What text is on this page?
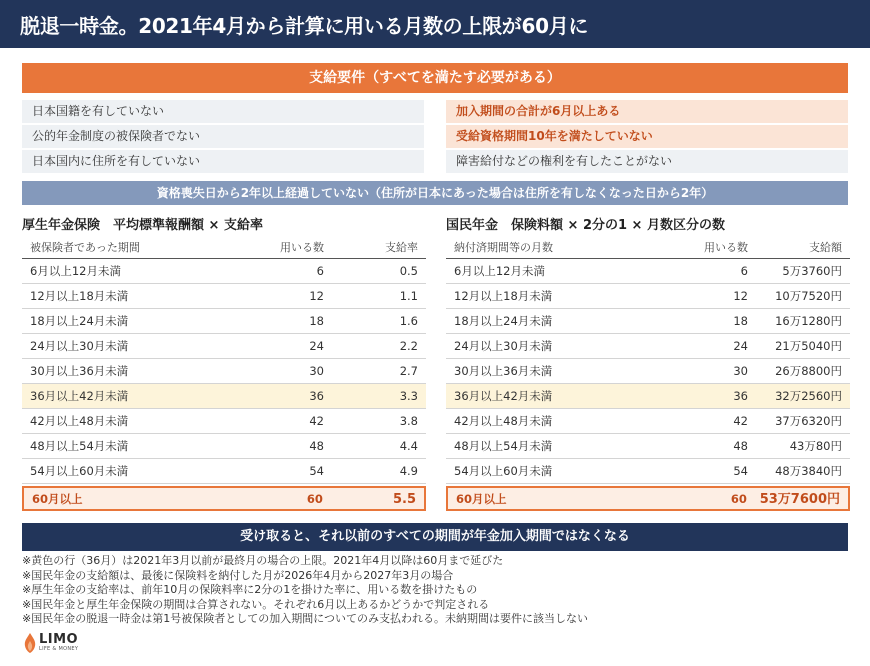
脱退一時金。2021年4月から計算に用いる月数の上限が60月に
支給要件（すべてを満たす必要がある）
日本国籍を有していない
公的年金制度の被保険者でない
日本国内に住所を有していない
加入期間の合計が6月以上ある
受給資格期間10年を満たしていない
障害給付などの権利を有したことがない
資格喪失日から2年以上経過していない（住所が日本にあった場合は住所を有しなくなった日から2年）
厚生年金保険　平均標準報酬額 × 支給率
被保険者であった期間	用いる数	支給率
6月以上12月未満	6	0.5
12月以上18月未満	12	1.1
18月以上24月未満	18	1.6
24月以上30月未満	24	2.2
30月以上36月未満	30	2.7
36月以上42月未満	36	3.3
42月以上48月未満	42	3.8
48月以上54月未満	48	4.4
54月以上60月未満	54	4.9
60月以上	60	5.5
国民年金　保険料額 × 2分の1 × 月数区分の数
納付済期間等の月数	用いる数	支給額
6月以上12月未満	6	5万3760円
12月以上18月未満	12	10万7520円
18月以上24月未満	18	16万1280円
24月以上30月未満	24	21万5040円
30月以上36月未満	30	26万8800円
36月以上42月未満	36	32万2560円
42月以上48月未満	42	37万6320円
48月以上54月未満	48	43万80円
54月以上60月未満	54	48万3840円
60月以上	60 53万7600円
受け取ると、それ以前のすべての期間が年金加入期間ではなくなる
※黄色の行（36月）は2021年3月以前が最終月の場合の上限。2021年4月以降は60月まで延びた
※国民年金の支給額は、最後に保険料を納付した月が2026年4月から2027年3月の場合
※厚生年金の支給率は、前年10月の保険料率に2分の1を掛けた率に、用いる数を掛けたもの
※国民年金と厚生年金保険の期間は合算されない。それぞれ6月以上あるかどうかで判定される
※国民年金の脱退一時金は第1号被保険者としての加入期間についてのみ支払われる。未納期間は要件に該当しない
LIMO
LIFE & MONEY
